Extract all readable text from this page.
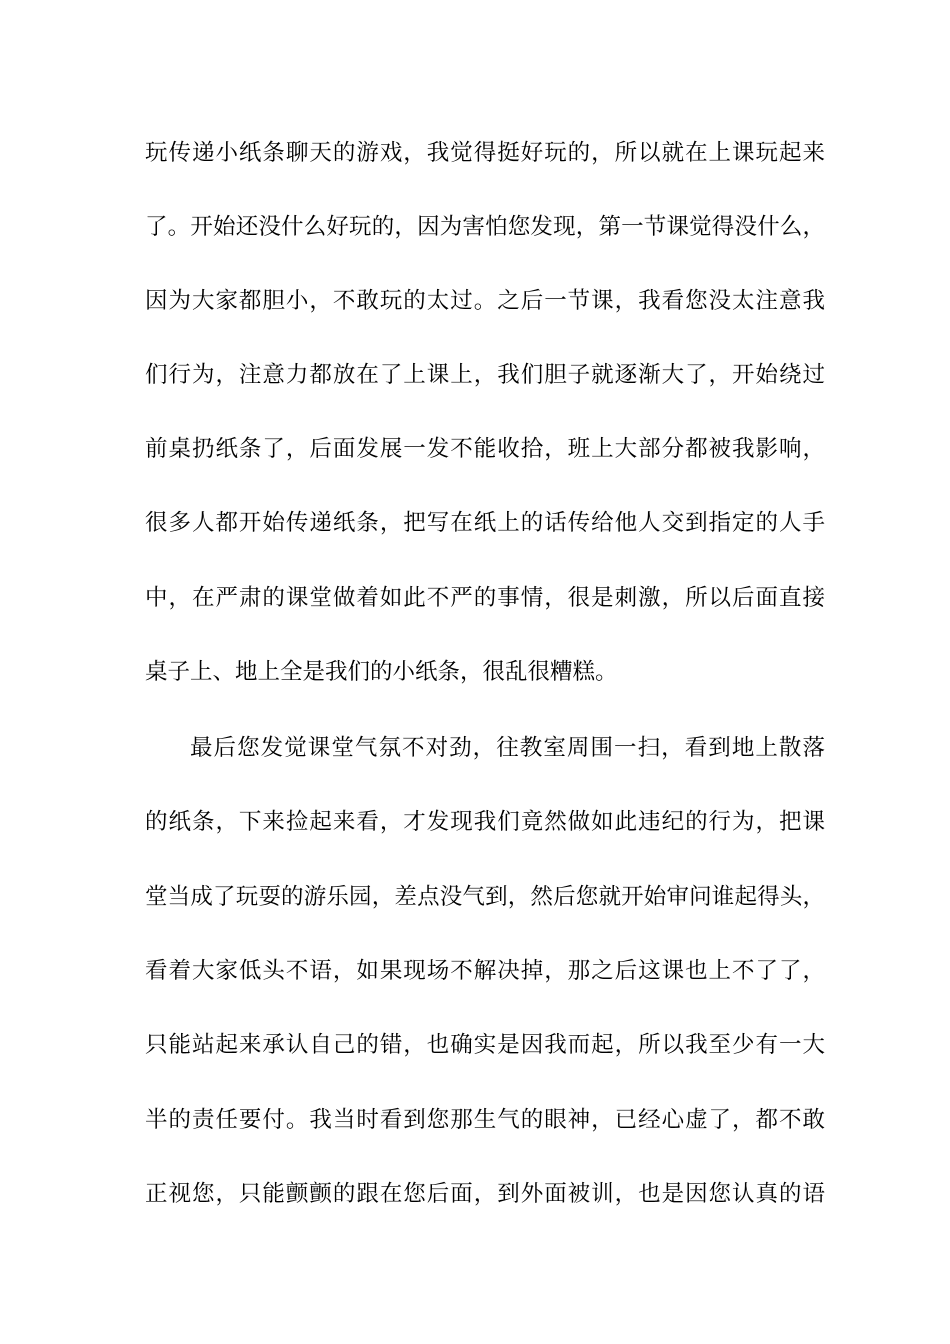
玩传递小纸条聊天的游戏，我觉得挺好玩的，所以就在上课玩起来
了。开始还没什么好玩的，因为害怕您发现，第一节课觉得没什么，
因为大家都胆小，不敢玩的太过。之后一节课，我看您没太注意我
们行为，注意力都放在了上课上，我们胆子就逐渐大了，开始绕过
前桌扔纸条了，后面发展一发不能收拾，班上大部分都被我影响，
很多人都开始传递纸条，把写在纸上的话传给他人交到指定的人手
中，在严肃的课堂做着如此不严的事情，很是刺激，所以后面直接
桌子上、地上全是我们的小纸条，很乱很糟糕。
最后您发觉课堂气氛不对劲，往教室周围一扫，看到地上散落
的纸条，下来捡起来看，才发现我们竟然做如此违纪的行为，把课
堂当成了玩耍的游乐园，差点没气到，然后您就开始审问谁起得头，
看着大家低头不语，如果现场不解决掉，那之后这课也上不了了，
只能站起来承认自己的错，也确实是因我而起，所以我至少有一大
半的责任要付。我当时看到您那生气的眼神，已经心虚了，都不敢
正视您，只能颤颤的跟在您后面，到外面被训，也是因您认真的语
